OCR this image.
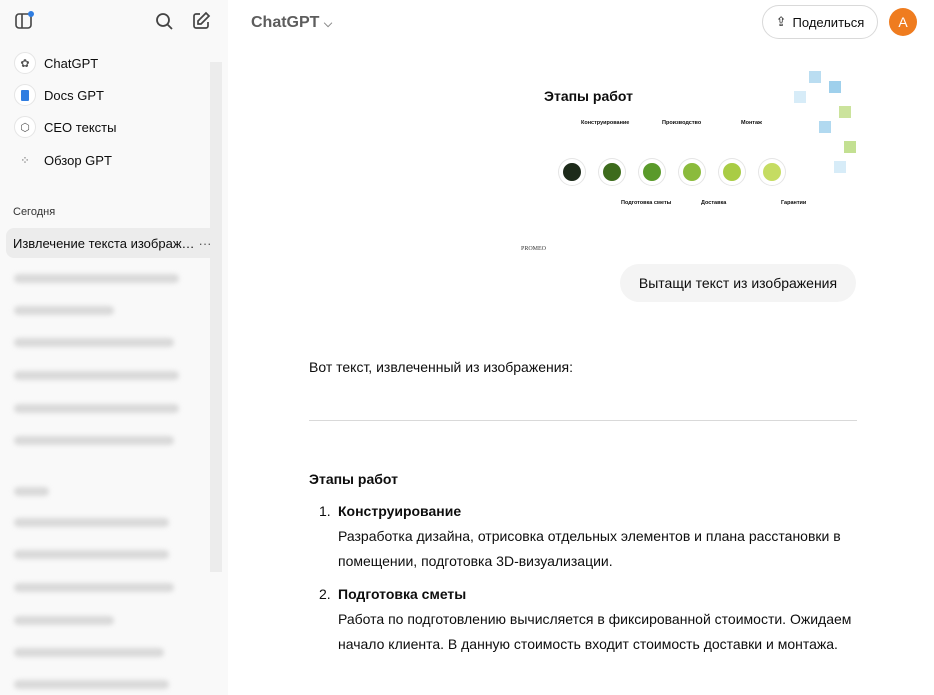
✿	ChatGPT
Docs GPT
⬡	CEO тексты
⁘	Обзор GPT
Сегодня
Извлечение текста изображ… ···
ChatGPT ⌵	⇪ Поделиться	A
Этапы работ
Конструирование
Подготовка сметы
Производство
Доставка
Монтаж
Гарантии
PROMEO
Вытащи текст из изображения
Вот текст, извлеченный из изображения:
Этапы работ
1. Конструирование
Разработка дизайна, отрисовка отдельных элементов и плана расстановки в помещении, подготовка 3D-визуализации.
2. Подготовка сметы
Работа по подготовлению вычисляется в фиксированной стоимости. Ожидаем начало клиента. В данную стоимость входит стоимость доставки и монтажа.
